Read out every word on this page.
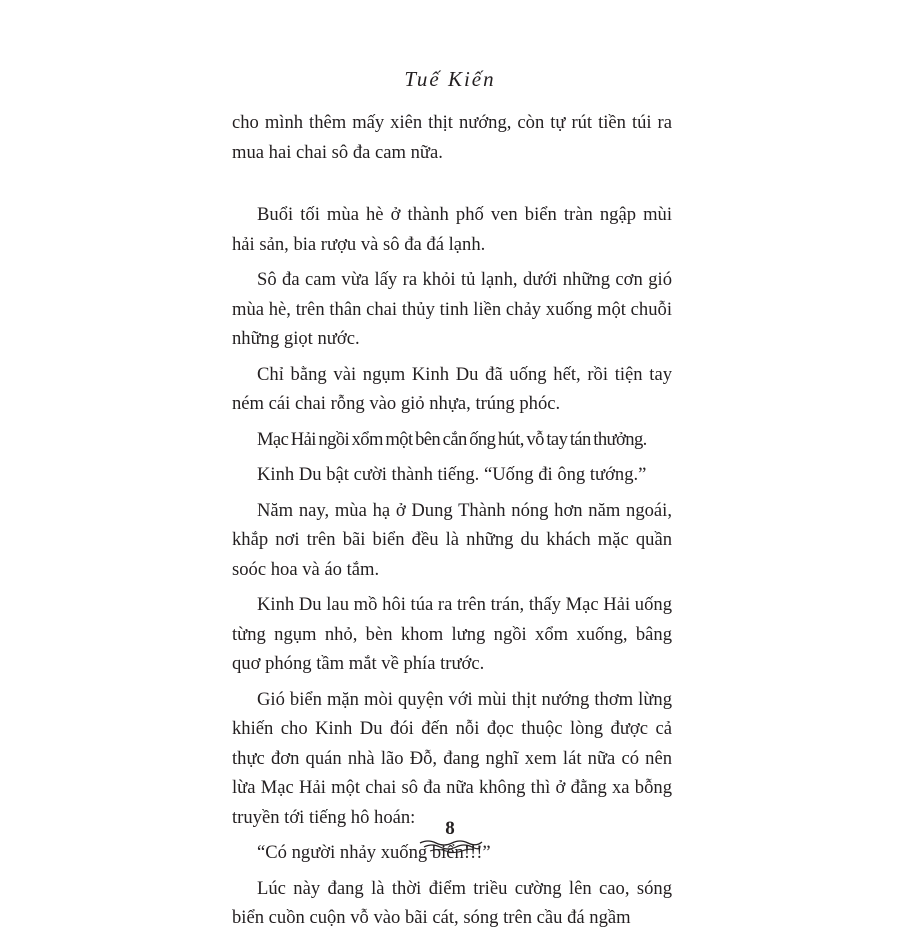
Tuế Kiến

cho mình thêm mấy xiên thịt nướng, còn tự rút tiền túi ra mua hai chai sô đa cam nữa.

Buổi tối mùa hè ở thành phố ven biển tràn ngập mùi hải sản, bia rượu và sô đa đá lạnh.

Sô đa cam vừa lấy ra khỏi tủ lạnh, dưới những cơn gió mùa hè, trên thân chai thủy tinh liền chảy xuống một chuỗi những giọt nước.

Chỉ bằng vài ngụm Kinh Du đã uống hết, rồi tiện tay ném cái chai rỗng vào giỏ nhựa, trúng phóc.

Mạc Hải ngồi xổm một bên cắn ống hút, vỗ tay tán thưởng.

Kinh Du bật cười thành tiếng. “Uống đi ông tướng.”

Năm nay, mùa hạ ở Dung Thành nóng hơn năm ngoái, khắp nơi trên bãi biển đều là những du khách mặc quần soóc hoa và áo tắm.

Kinh Du lau mồ hôi túa ra trên trán, thấy Mạc Hải uống từng ngụm nhỏ, bèn khom lưng ngồi xổm xuống, bâng quơ phóng tầm mắt về phía trước.

Gió biển mặn mòi quyện với mùi thịt nướng thơm lừng khiến cho Kinh Du đói đến nỗi đọc thuộc lòng được cả thực đơn quán nhà lão Đỗ, đang nghĩ xem lát nữa có nên lừa Mạc Hải một chai sô đa nữa không thì ở đằng xa bỗng truyền tới tiếng hô hoán:

“Có người nhảy xuống biển!!!”

Lúc này đang là thời điểm triều cường lên cao, sóng biển cuồn cuộn vỗ vào bãi cát, sóng trên cầu đá ngầm

8
